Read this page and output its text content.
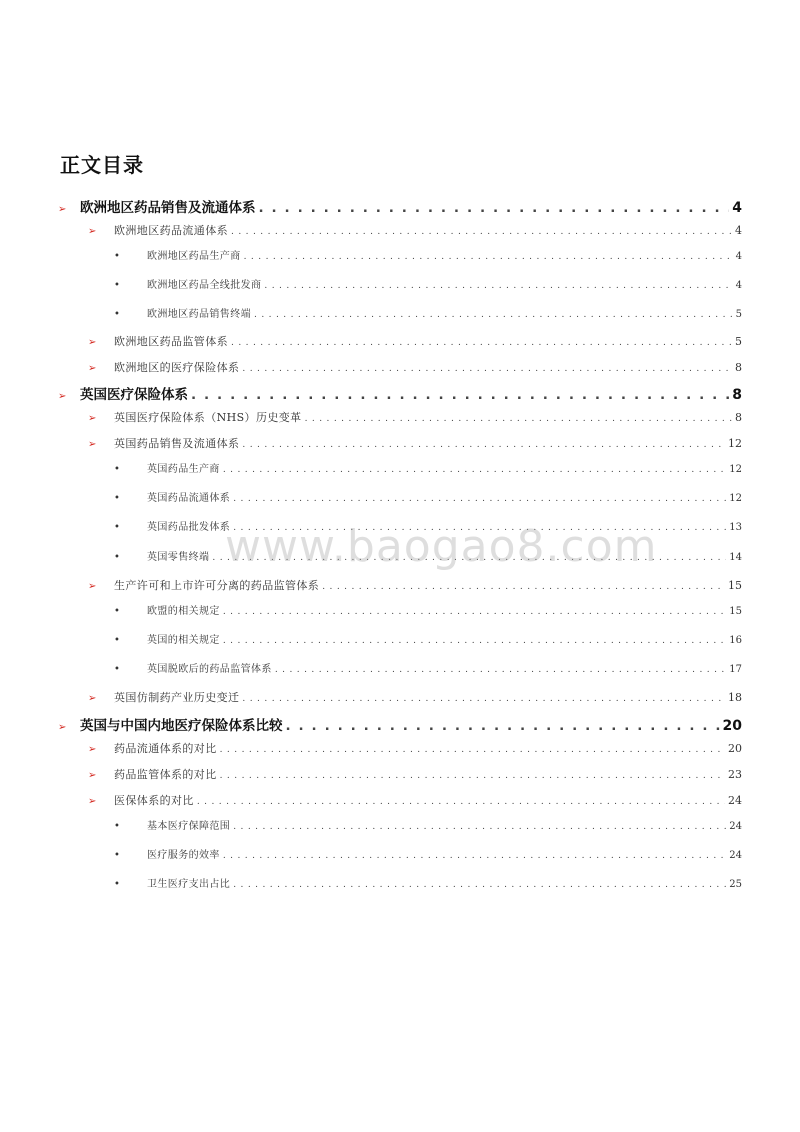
正文目录
➢	欧洲地区药品销售及流通体系 . . .	4
➢	欧洲地区药品流通体系 . . .	4
•	欧洲地区药品生产商 . . .	4
•	欧洲地区药品全线批发商 . . .	4
•	欧洲地区药品销售终端 . . .	5
➢	欧洲地区药品监管体系 . . .	5
➢	欧洲地区的医疗保险体系 . . .	8
➢	英国医疗保险体系 . . .	8
➢	英国医疗保险体系（NHS）历史变革 . . .	8
➢	英国药品销售及流通体系 . . .	12
•	英国药品生产商 . . .	12
•	英国药品流通体系 . . .	12
•	英国药品批发体系 . . .	13
•	英国零售终端 . . .	14
➢	生产许可和上市许可分离的药品监管体系 . . .	15
•	欧盟的相关规定 . . .	15
•	英国的相关规定 . . .	16
•	英国脱欧后的药品监管体系 . . .	17
➢	英国仿制药产业历史变迁 . . .	18
➢	英国与中国内地医疗保险体系比较 . . .	20
➢	药品流通体系的对比 . . .	20
➢	药品监管体系的对比 . . .	23
➢	医保体系的对比 . . .	24
•	基本医疗保障范围 . . .	24
•	医疗服务的效率 . . .	24
•	卫生医疗支出占比 . . .	25
www.baogao8.com
